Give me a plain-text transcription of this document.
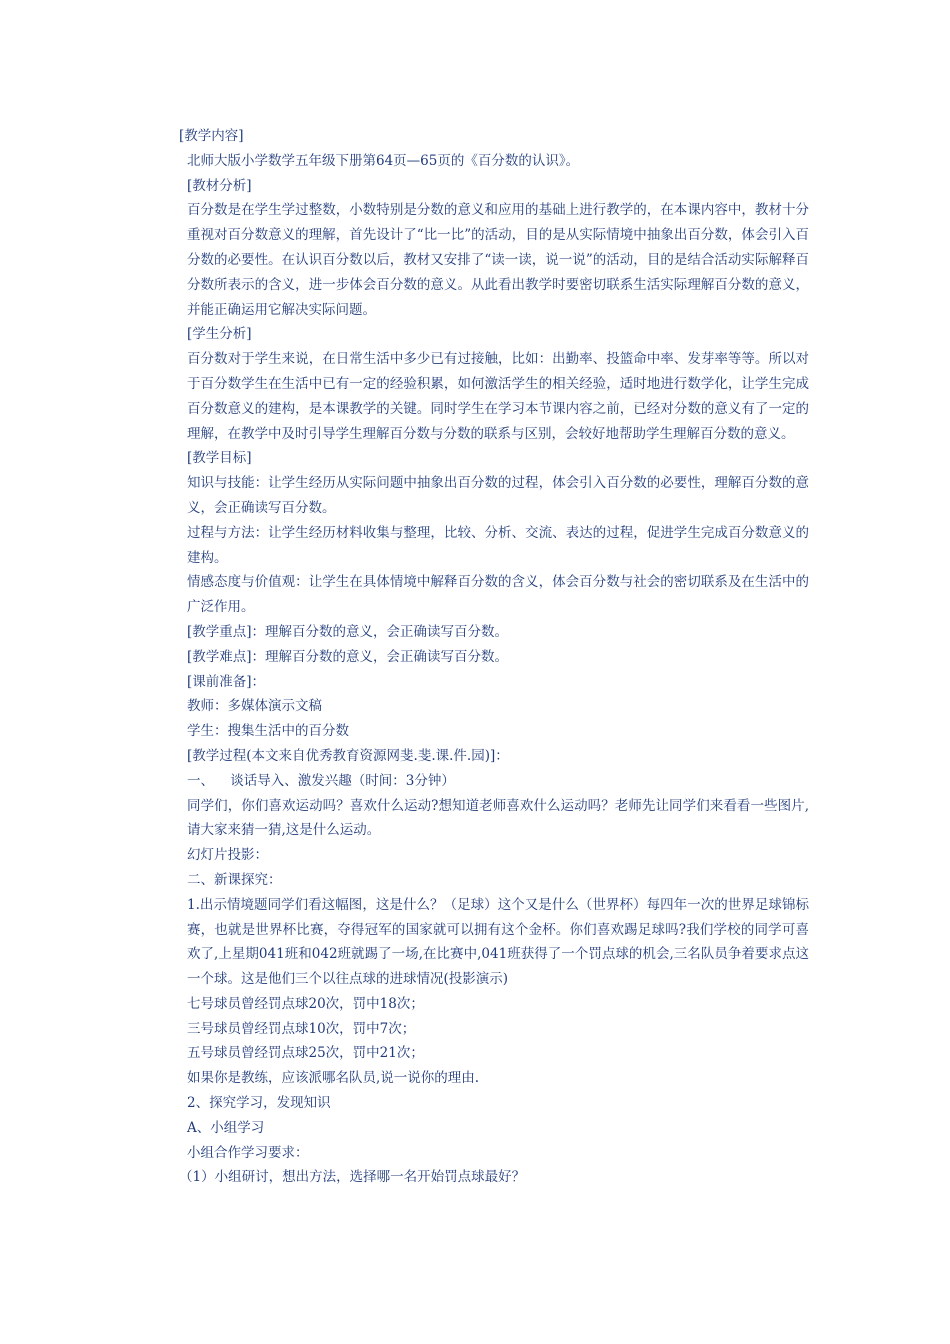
[教学内容]

北师大版小学数学五年级下册第64页—65页的《百分数的认识》。

[教材分析]

百分数是在学生学过整数，小数特别是分数的意义和应用的基础上进行教学的，在本课内容中，教材十分重视对百分数意义的理解，首先设计了“比一比”的活动，目的是从实际情境中抽象出百分数，体会引入百分数的必要性。在认识百分数以后，教材又安排了“读一读，说一说”的活动，目的是结合活动实际解释百分数所表示的含义，进一步体会百分数的意义。从此看出教学时要密切联系生活实际理解百分数的意义，并能正确运用它解决实际问题。

[学生分析]

百分数对于学生来说，在日常生活中多少已有过接触，比如：出勤率、投篮命中率、发芽率等等。所以对于百分数学生在生活中已有一定的经验积累，如何激活学生的相关经验，适时地进行数学化，让学生完成百分数意义的建构，是本课教学的关键。同时学生在学习本节课内容之前，已经对分数的意义有了一定的理解，在教学中及时引导学生理解百分数与分数的联系与区别，会较好地帮助学生理解百分数的意义。

[教学目标]

知识与技能：让学生经历从实际问题中抽象出百分数的过程，体会引入百分数的必要性，理解百分数的意义，会正确读写百分数。

过程与方法：让学生经历材料收集与整理，比较、分析、交流、表达的过程，促进学生完成百分数意义的建构。

情感态度与价值观：让学生在具体情境中解释百分数的含义，体会百分数与社会的密切联系及在生活中的广泛作用。

[教学重点]：理解百分数的意义，会正确读写百分数。

[教学难点]：理解百分数的意义，会正确读写百分数。

[课前准备]：

教师：多媒体演示文稿

学生：搜集生活中的百分数

[教学过程(本文来自优秀教育资源网斐.斐.课.件.园)]：

一、 谈话导入、激发兴趣（时间：3分钟）

同学们，你们喜欢运动吗？喜欢什么运动?想知道老师喜欢什么运动吗？老师先让同学们来看看一些图片,请大家来猜一猜,这是什么运动。

幻灯片投影：

二、新课探究：

1.出示情境题同学们看这幅图，这是什么？（足球）这个又是什么（世界杯）每四年一次的世界足球锦标赛，也就是世界杯比赛，夺得冠军的国家就可以拥有这个金杯。你们喜欢踢足球吗?我们学校的同学可喜欢了,上星期041班和042班就踢了一场,在比赛中,041班获得了一个罚点球的机会,三名队员争着要求点这一个球。这是他们三个以往点球的进球情况(投影演示)

七号球员曾经罚点球20次，罚中18次；

三号球员曾经罚点球10次，罚中7次；

五号球员曾经罚点球25次，罚中21次；

如果你是教练，应该派哪名队员,说一说你的理由.

2、探究学习，发现知识

A、小组学习

小组合作学习要求：

（1）小组研讨，想出方法，选择哪一名开始罚点球最好？
